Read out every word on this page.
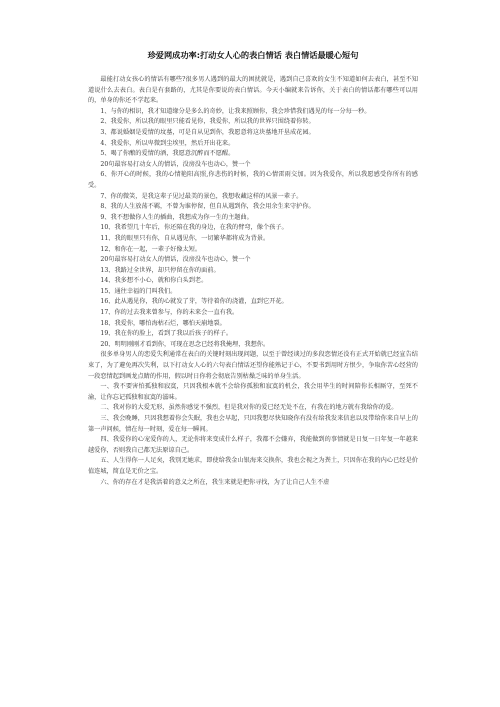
珍爱网成功率:打动女人心的表白情话 表白情话最暖心短句

最能打动女孩心的情话有哪些?很多男人遇到的最大的困扰就是，遇到自己喜欢的女生不知道如何去表白，甚至不知道说什么去表白。表白是有套路的，尤其是你要说的表白情话。今天小编就来告诉你，关于表白的情话都有哪些可以用的，单身的你还不学起来。

1、与你的相识，我才知道缘分是多么的奇妙，让我来照顾你，我会珍惜我们遇见的每一分每一秒。

2、我爱你，所以我的眼里只能看见你，我爱你，所以我的世界只围绕着你转。

3、都说婚姻是爱情的坟墓，可是自从见到你，我愿意将这块墓地开垦成花园。

4、我爱你，所以卑微到尘埃里，然后开出花来。

5、喝了你酿的爱情的酒，我愿意沉醉而不愿醒。

20句最容易打动女人的情话，没房没车也动心，赞一个

6、你开心的时候，我的心情艳阳高照,你悲伤的时候，我的心情雷雨交加。因为我爱你，所以我愿感受你所有的感受。

7、你的微笑，是我这辈子见过最美的景色，我想收藏这样的风景一辈子。

8、我的人生放荡不羁，不曾为谁停留，但自从遇到你，我会用余生来守护你。

9、我不想做你人生的插曲，我想成为你一生的主题曲。

10、我希望几十年后，你还陪在我的身边，在我的臂弯，像个孩子。

11、我的眼里只有你，自从遇见你，一切繁华都将成为背景。

12、和你在一起，一辈子好像太短。

20句最容易打动女人的情话，没房没车也动心，赞一个

13、我路过全世界，却只停留在你的面前。

14、我多想不小心，就和你白头到老。

15、通往幸福的门叫我们。

16、此从遇见你，我的心就发了芽，等待着你的浇灌，直到它开花。

17、你的过去我来曾参与，你的未来会一直有我。

18、我爱你，哪怕海枯石烂，哪怕天崩地裂。

19、我在你的脸上，看到了我以后孩子的样子。

20、明明刚刚才看到你，可现在思念已经将我掩埋，我想你。

很多单身男人的恋爱失利通常在表白的关键时刻出现问题，以至于曾经谈过的多段恋情还没有正式开始就已经宣告结束了，为了避免再次失利，以下打动女人心的六句表白情话还望你能熟记于心，不要书到用时方恨少，争取你苦心经营的一段恋情起到画龙点睛的作用，假以时日你将会彻底告别枯燥乏味的单身生活。

一、我不要害怕孤独和寂寞，只因我根本就不会给你孤独和寂寞的机会，我会用毕生的时间陪你长相厮守，至死不渝，让你忘记孤独和寂寞的滋味。

二、我对你的大爱无形，虽然你感觉不强烈，但是我对你的爱已经无处不在，有我在的地方就有我给你的爱。

三、我会晚睡，只因我想着你会失眠，我也会早起，只因我想尽快知晓你有没有给我发来信息以及带给你来自早上的第一声问候，情在每一时刻，爱在每一瞬间。

四、我爱你的心宠爱你的人，无论你将来变成什么样子，我都不会嫌弃，我能做到的事情就是日复一日年复一年越来越爱你，否则我自己都无法原谅自己。

五、人生得你一人足矣，我别无她求，即使给我金山银海来交换你，我也会视之为粪土，只因你在我的内心已经是价值连城，简直是无价之宝。

六、你的存在才是我活着的意义之所在，我生来就是把你寻找，为了让自己人生不虚
